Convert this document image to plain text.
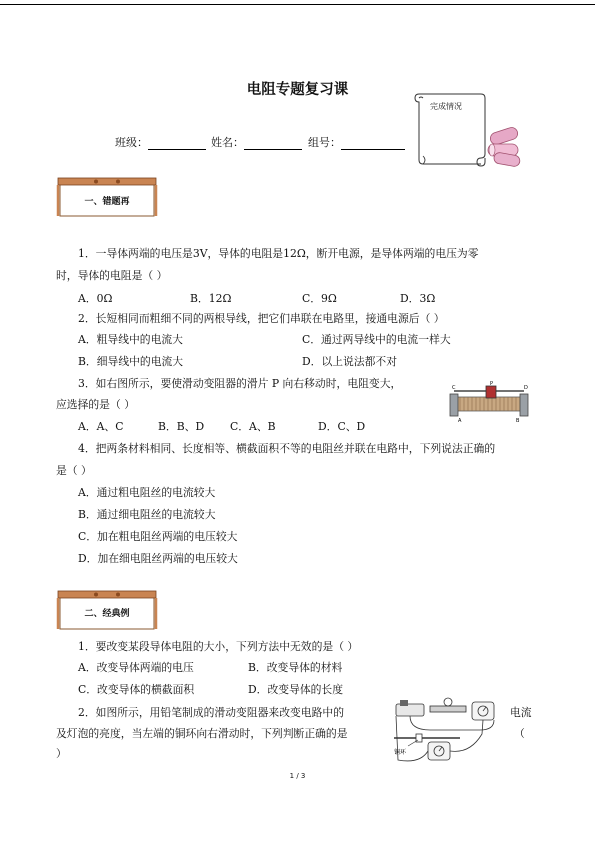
电阻专题复习课
班级：	姓名：	组号：
完成情况
一、错题再
1．一导体两端的电压是3V，导体的电阻是12Ω，断开电源，是导体两端的电压为零
时，导体的电阻是（ ）
A．0Ω	B．12Ω	C．9Ω	D．3Ω
2．长短相同而粗细不同的两根导线，把它们串联在电路里，接通电源后（ ）
A．粗导线中的电流大	C．通过两导线中的电流一样大
B．细导线中的电流大	D．以上说法都不对
3．如右图所示，要使滑动变阻器的滑片 P 向右移动时，电阻变大，
应选择的是（ ）
A．A、C	B．B、D C．A、B	D．C、D
C	D
P
A	B
4．把两条材料相同、长度相等、横截面积不等的电阻丝并联在电路中，下列说法正确的
是（ ）
A．通过粗电阻丝的电流较大
B．通过细电阻丝的电流较大
C．加在粗电阻丝两端的电压较大
D．加在细电阻丝两端的电压较大
二、经典例
1．要改变某段导体电阻的大小，下列方法中无效的是（ ）
A．改变导体两端的电压	B．改变导体的材料
C．改变导体的横截面积	D．改变导体的长度
2．如图所示，用铅笔制成的滑动变阻器来改变电路中的	电流
及灯泡的亮度，当左端的铜环向右滑动时，下列判断正确的是	（
）	铜环
1 / 3
